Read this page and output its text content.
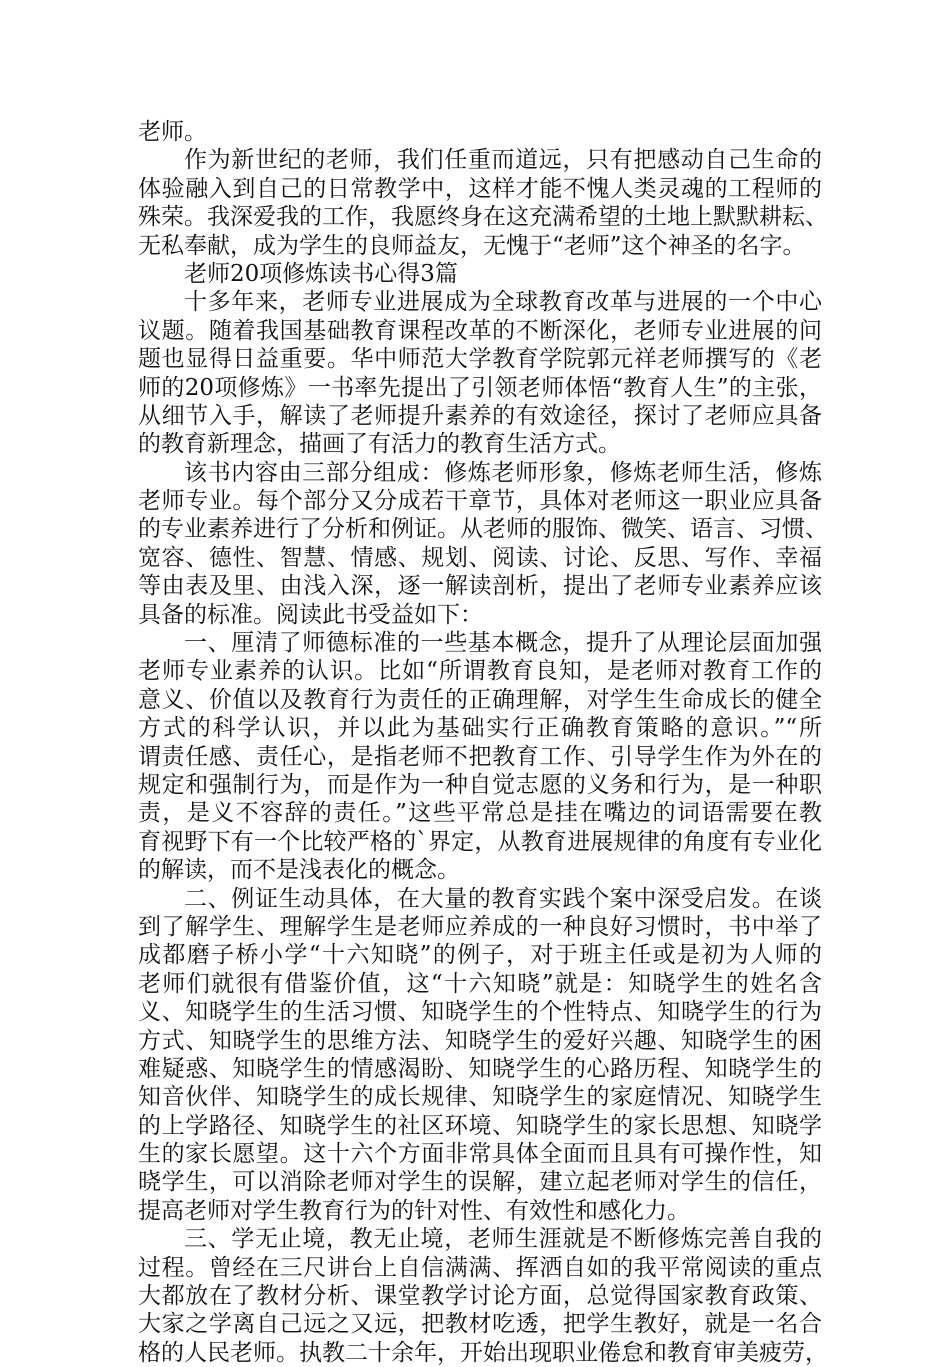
老师。
作为新世纪的老师，我们任重而道远，只有把感动自己生命的
体验融入到自己的日常教学中，这样才能不愧人类灵魂的工程师的
殊荣。我深爱我的工作，我愿终身在这充满希望的土地上默默耕耘、
无私奉献，成为学生的良师益友，无愧于“老师”这个神圣的名字。
老师20项修炼读书心得3篇
十多年来，老师专业进展成为全球教育改革与进展的一个中心
议题。随着我国基础教育课程改革的不断深化，老师专业进展的问
题也显得日益重要。华中师范大学教育学院郭元祥老师撰写的《老
师的20项修炼》一书率先提出了引领老师体悟“教育人生”的主张，
从细节入手，解读了老师提升素养的有效途径，探讨了老师应具备
的教育新理念，描画了有活力的教育生活方式。
该书内容由三部分组成：修炼老师形象，修炼老师生活，修炼
老师专业。每个部分又分成若干章节，具体对老师这一职业应具备
的专业素养进行了分析和例证。从老师的服饰、微笑、语言、习惯、
宽容、德性、智慧、情感、规划、阅读、讨论、反思、写作、幸福
等由表及里、由浅入深，逐一解读剖析，提出了老师专业素养应该
具备的标准。阅读此书受益如下：
一、厘清了师德标准的一些基本概念，提升了从理论层面加强
老师专业素养的认识。比如“所谓教育良知，是老师对教育工作的
意义、价值以及教育行为责任的正确理解，对学生生命成长的健全
方式的科学认识，并以此为基础实行正确教育策略的意识。”“所
谓责任感、责任心，是指老师不把教育工作、引导学生作为外在的
规定和强制行为，而是作为一种自觉志愿的义务和行为，是一种职
责，是义不容辞的责任。”这些平常总是挂在嘴边的词语需要在教
育视野下有一个比较严格的`界定，从教育进展规律的角度有专业化
的解读，而不是浅表化的概念。
二、例证生动具体，在大量的教育实践个案中深受启发。在谈
到了解学生、理解学生是老师应养成的一种良好习惯时，书中举了
成都磨子桥小学“十六知晓”的例子，对于班主任或是初为人师的
老师们就很有借鉴价值，这“十六知晓”就是：知晓学生的姓名含
义、知晓学生的生活习惯、知晓学生的个性特点、知晓学生的行为
方式、知晓学生的思维方法、知晓学生的爱好兴趣、知晓学生的困
难疑惑、知晓学生的情感渴盼、知晓学生的心路历程、知晓学生的
知音伙伴、知晓学生的成长规律、知晓学生的家庭情况、知晓学生
的上学路径、知晓学生的社区环境、知晓学生的家长思想、知晓学
生的家长愿望。这十六个方面非常具体全面而且具有可操作性，知
晓学生，可以消除老师对学生的误解，建立起老师对学生的信任，
提高老师对学生教育行为的针对性、有效性和感化力。
三、学无止境，教无止境，老师生涯就是不断修炼完善自我的
过程。曾经在三尺讲台上自信满满、挥洒自如的我平常阅读的重点
大都放在了教材分析、课堂教学讨论方面，总觉得国家教育政策、
大家之学离自己远之又远，把教材吃透，把学生教好，就是一名合
格的人民老师。执教二十余年，开始出现职业倦怠和教育审美疲劳，
